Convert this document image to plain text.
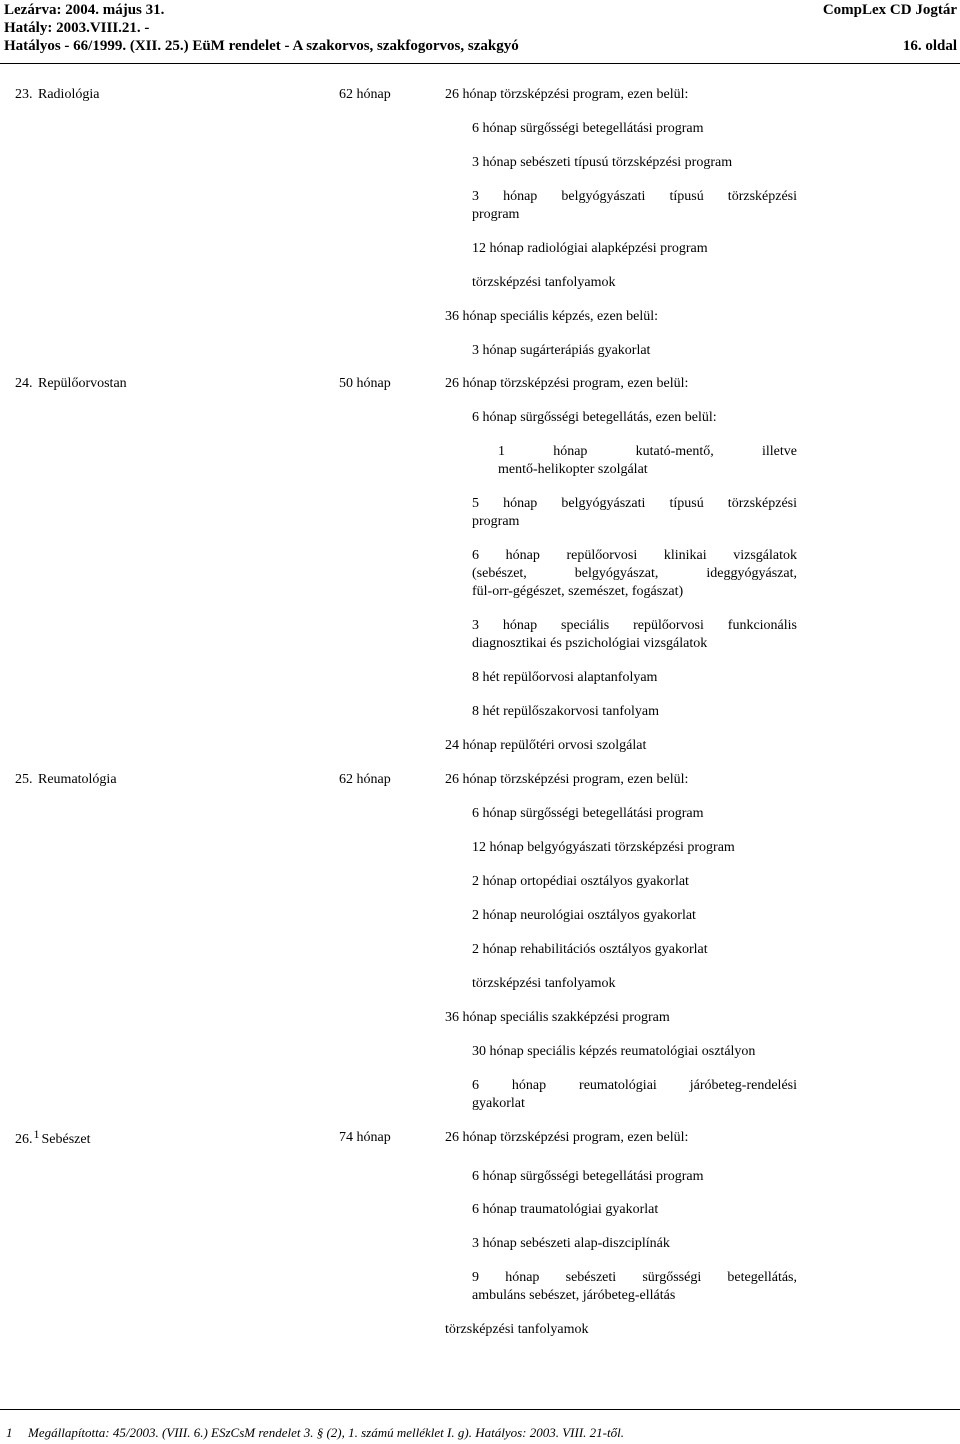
Lezárva: 2004. május 31.
Hatály: 2003.VIII.21. -
Hatályos - 66/1999. (XII. 25.) EüM rendelet - A szakorvos, szakfogorvos, szakgyó
CompLex CD Jogtár
16. oldal
23. Radiológia	62 hónap	26 hónap törzsképzési program, ezen belül:
6 hónap sürgősségi betegellátási program
3 hónap sebészeti típusú törzsképzési program
3 hónap belgyógyászati típusú törzsképzési
program
12 hónap radiológiai alapképzési program
törzsképzési tanfolyamok
36 hónap speciális képzés, ezen belül:
3 hónap sugárterápiás gyakorlat
24. Repülőorvostan	50 hónap	26 hónap törzsképzési program, ezen belül:
6 hónap sürgősségi betegellátás, ezen belül:
1 hónap kutató-mentő, illetve
mentő-helikopter szolgálat
5 hónap belgyógyászati típusú törzsképzési
program
6 hónap repülőorvosi klinikai vizsgálatok
(sebészet, belgyógyászat, ideggyógyászat,
fül-orr-gégészet, szemészet, fogászat)
3 hónap speciális repülőorvosi funkcionális
diagnosztikai és pszichológiai vizsgálatok
8 hét repülőorvosi alaptanfolyam
8 hét repülőszakorvosi tanfolyam
24 hónap repülőtéri orvosi szolgálat
25. Reumatológia	62 hónap	26 hónap törzsképzési program, ezen belül:
6 hónap sürgősségi betegellátási program
12 hónap belgyógyászati törzsképzési program
2 hónap ortopédiai osztályos gyakorlat
2 hónap neurológiai osztályos gyakorlat
2 hónap rehabilitációs osztályos gyakorlat
törzsképzési tanfolyamok
36 hónap speciális szakképzési program
30 hónap speciális képzés reumatológiai osztályon
6 hónap reumatológiai járóbeteg-rendelési
gyakorlat
26.$^1$ Sebészet	74 hónap	26 hónap törzsképzési program, ezen belül:
6 hónap sürgősségi betegellátási program
6 hónap traumatológiai gyakorlat
3 hónap sebészeti alap-diszciplínák
9 hónap sebészeti sürgősségi betegellátás,
ambuláns sebészet, járóbeteg-ellátás
törzsképzési tanfolyamok
1 Megállapította: 45/2003. (VIII. 6.) ESzCsM rendelet 3. § (2), 1. számú melléklet I. g). Hatályos: 2003. VIII. 21-től.
